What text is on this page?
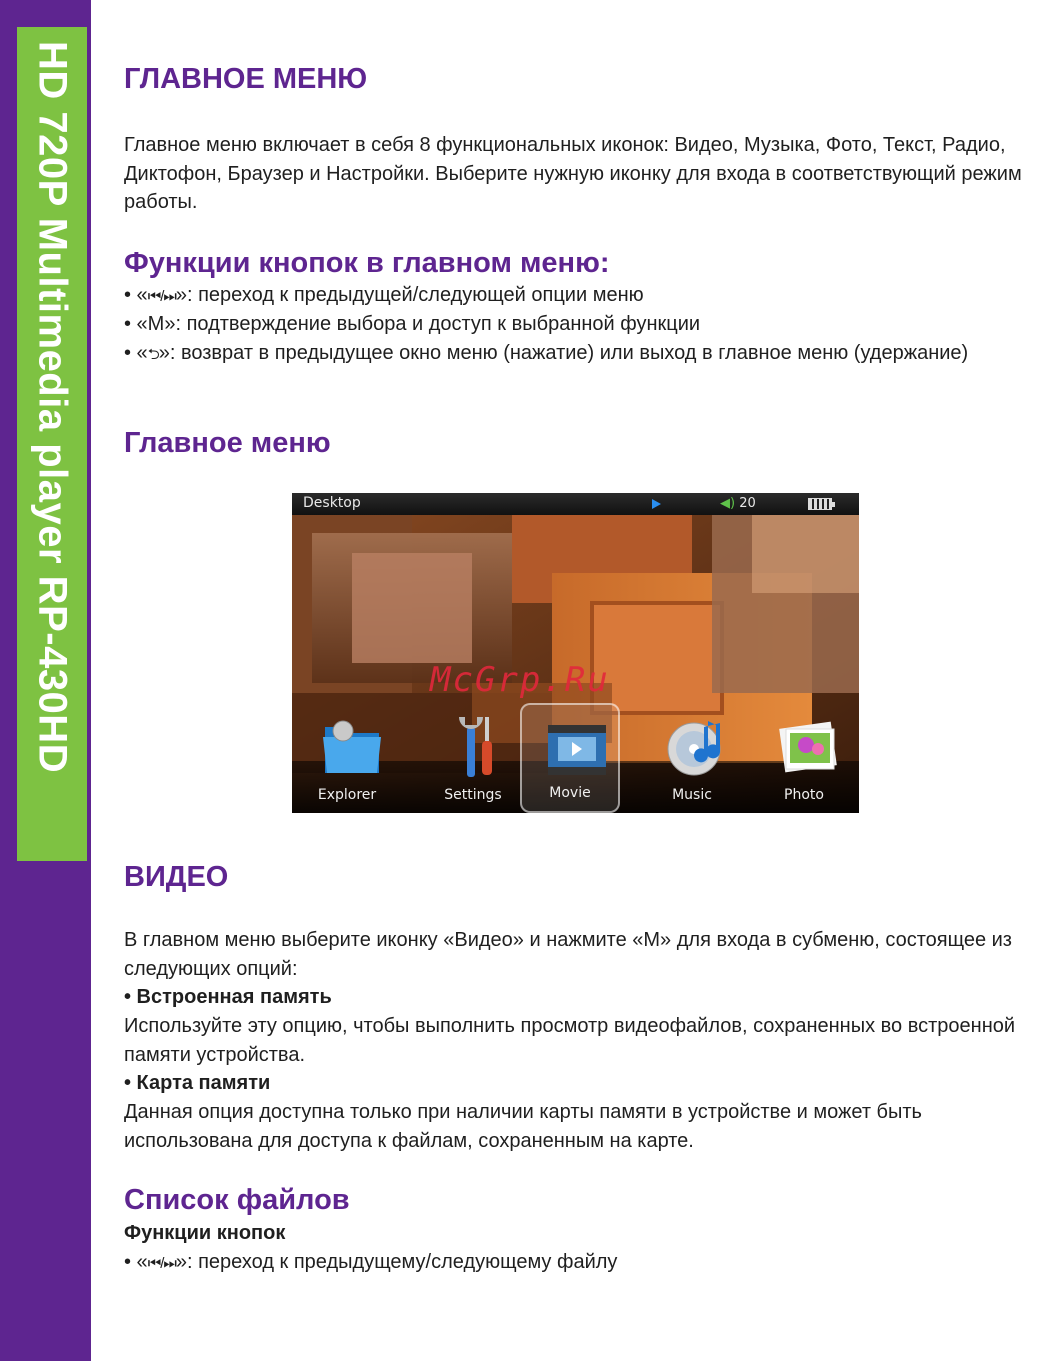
HD 720P Multimedia player RP-430HD	ГЛАВНОЕ МЕНЮ
Главное меню включает в себя 8 функциональных иконок: Видео, Музыка, Фото, Текст, Радио, Диктофон, Браузер и Настройки. Выберите нужную иконку для входа в соответствующий режим работы.
Функции кнопок в главном меню:
• «⏮/⏭»: переход к предыдущей/следующей опции меню
• «M»: подтверждение выбора и доступ к выбранной функции
• «⮌»: возврат в предыдущее окно меню (нажатие) или выход в главное меню (удержание)
Главное меню
Desktop	◀) 20
Explorer	Settings	Movie	Music	Photo
McGrp.Ru
ВИДЕО
В главном меню выберите иконку «Видео» и нажмите «M» для входа в субменю, состоящее из следующих опций:
• Встроенная память
Используйте эту опцию, чтобы выполнить просмотр видеофайлов, сохраненных во встроенной памяти устройства.
• Карта памяти
Данная опция доступна только при наличии карты памяти в устройстве и может быть использована для доступа к файлам, сохраненным на карте.
Список файлов
Функции кнопок
• «⏮/⏭»: переход к предыдущему/следующему файлу
